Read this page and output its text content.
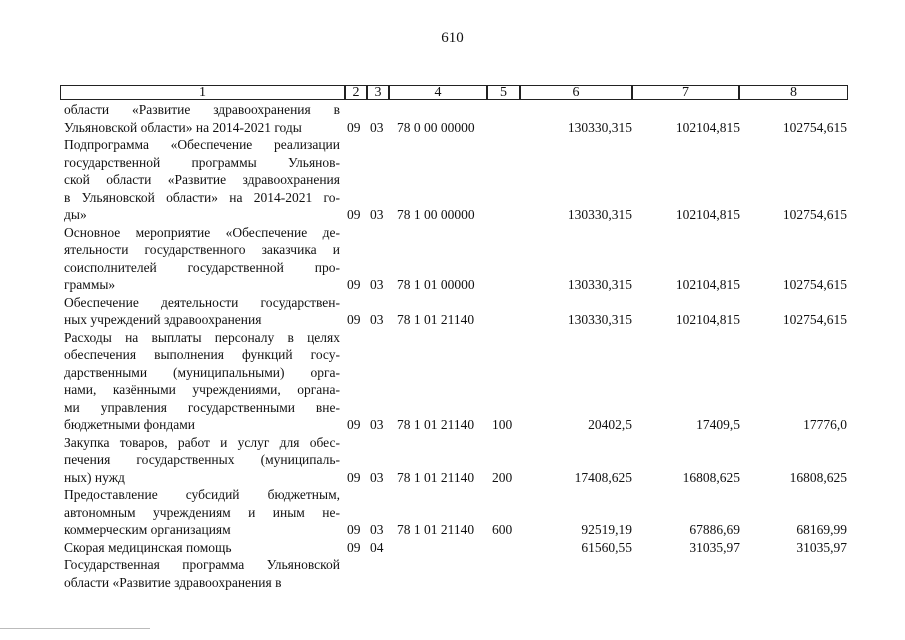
610
1	2	3	4	5	6	7	8
области «Развитие здравоохранения в
Ульяновской области» на 2014-2021 годы	09 03 78 0 00 00000	130330,315	102104,815	102754,615
Подпрограмма «Обеспечение реализации
государственной программы Ульянов-
ской области «Развитие здравоохранения
в Ульяновской области» на 2014-2021 го-
ды»	09 03 78 1 00 00000	130330,315	102104,815	102754,615
Основное мероприятие «Обеспечение де-
ятельности государственного заказчика и
соисполнителей государственной про-
граммы»	09 03 78 1 01 00000	130330,315	102104,815	102754,615
Обеспечение деятельности государствен-
ных учреждений здравоохранения	09 03 78 1 01 21140	130330,315	102104,815	102754,615
Расходы на выплаты персоналу в целях
обеспечения выполнения функций госу-
дарственными (муниципальными) орга-
нами, казёнными учреждениями, органа-
ми управления государственными вне-
бюджетными фондами	09 03 78 1 01 21140 100	20402,5	17409,5	17776,0
Закупка товаров, работ и услуг для обес-
печения государственных (муниципаль-
ных) нужд	09 03 78 1 01 21140 200	17408,625	16808,625	16808,625
Предоставление субсидий бюджетным,
автономным учреждениям и иным не-
коммерческим организациям	09 03 78 1 01 21140 600	92519,19	67886,69	68169,99
Скорая медицинская помощь	09 04	61560,55	31035,97	31035,97
Государственная программа Ульяновской
области «Развитие здравоохранения в
